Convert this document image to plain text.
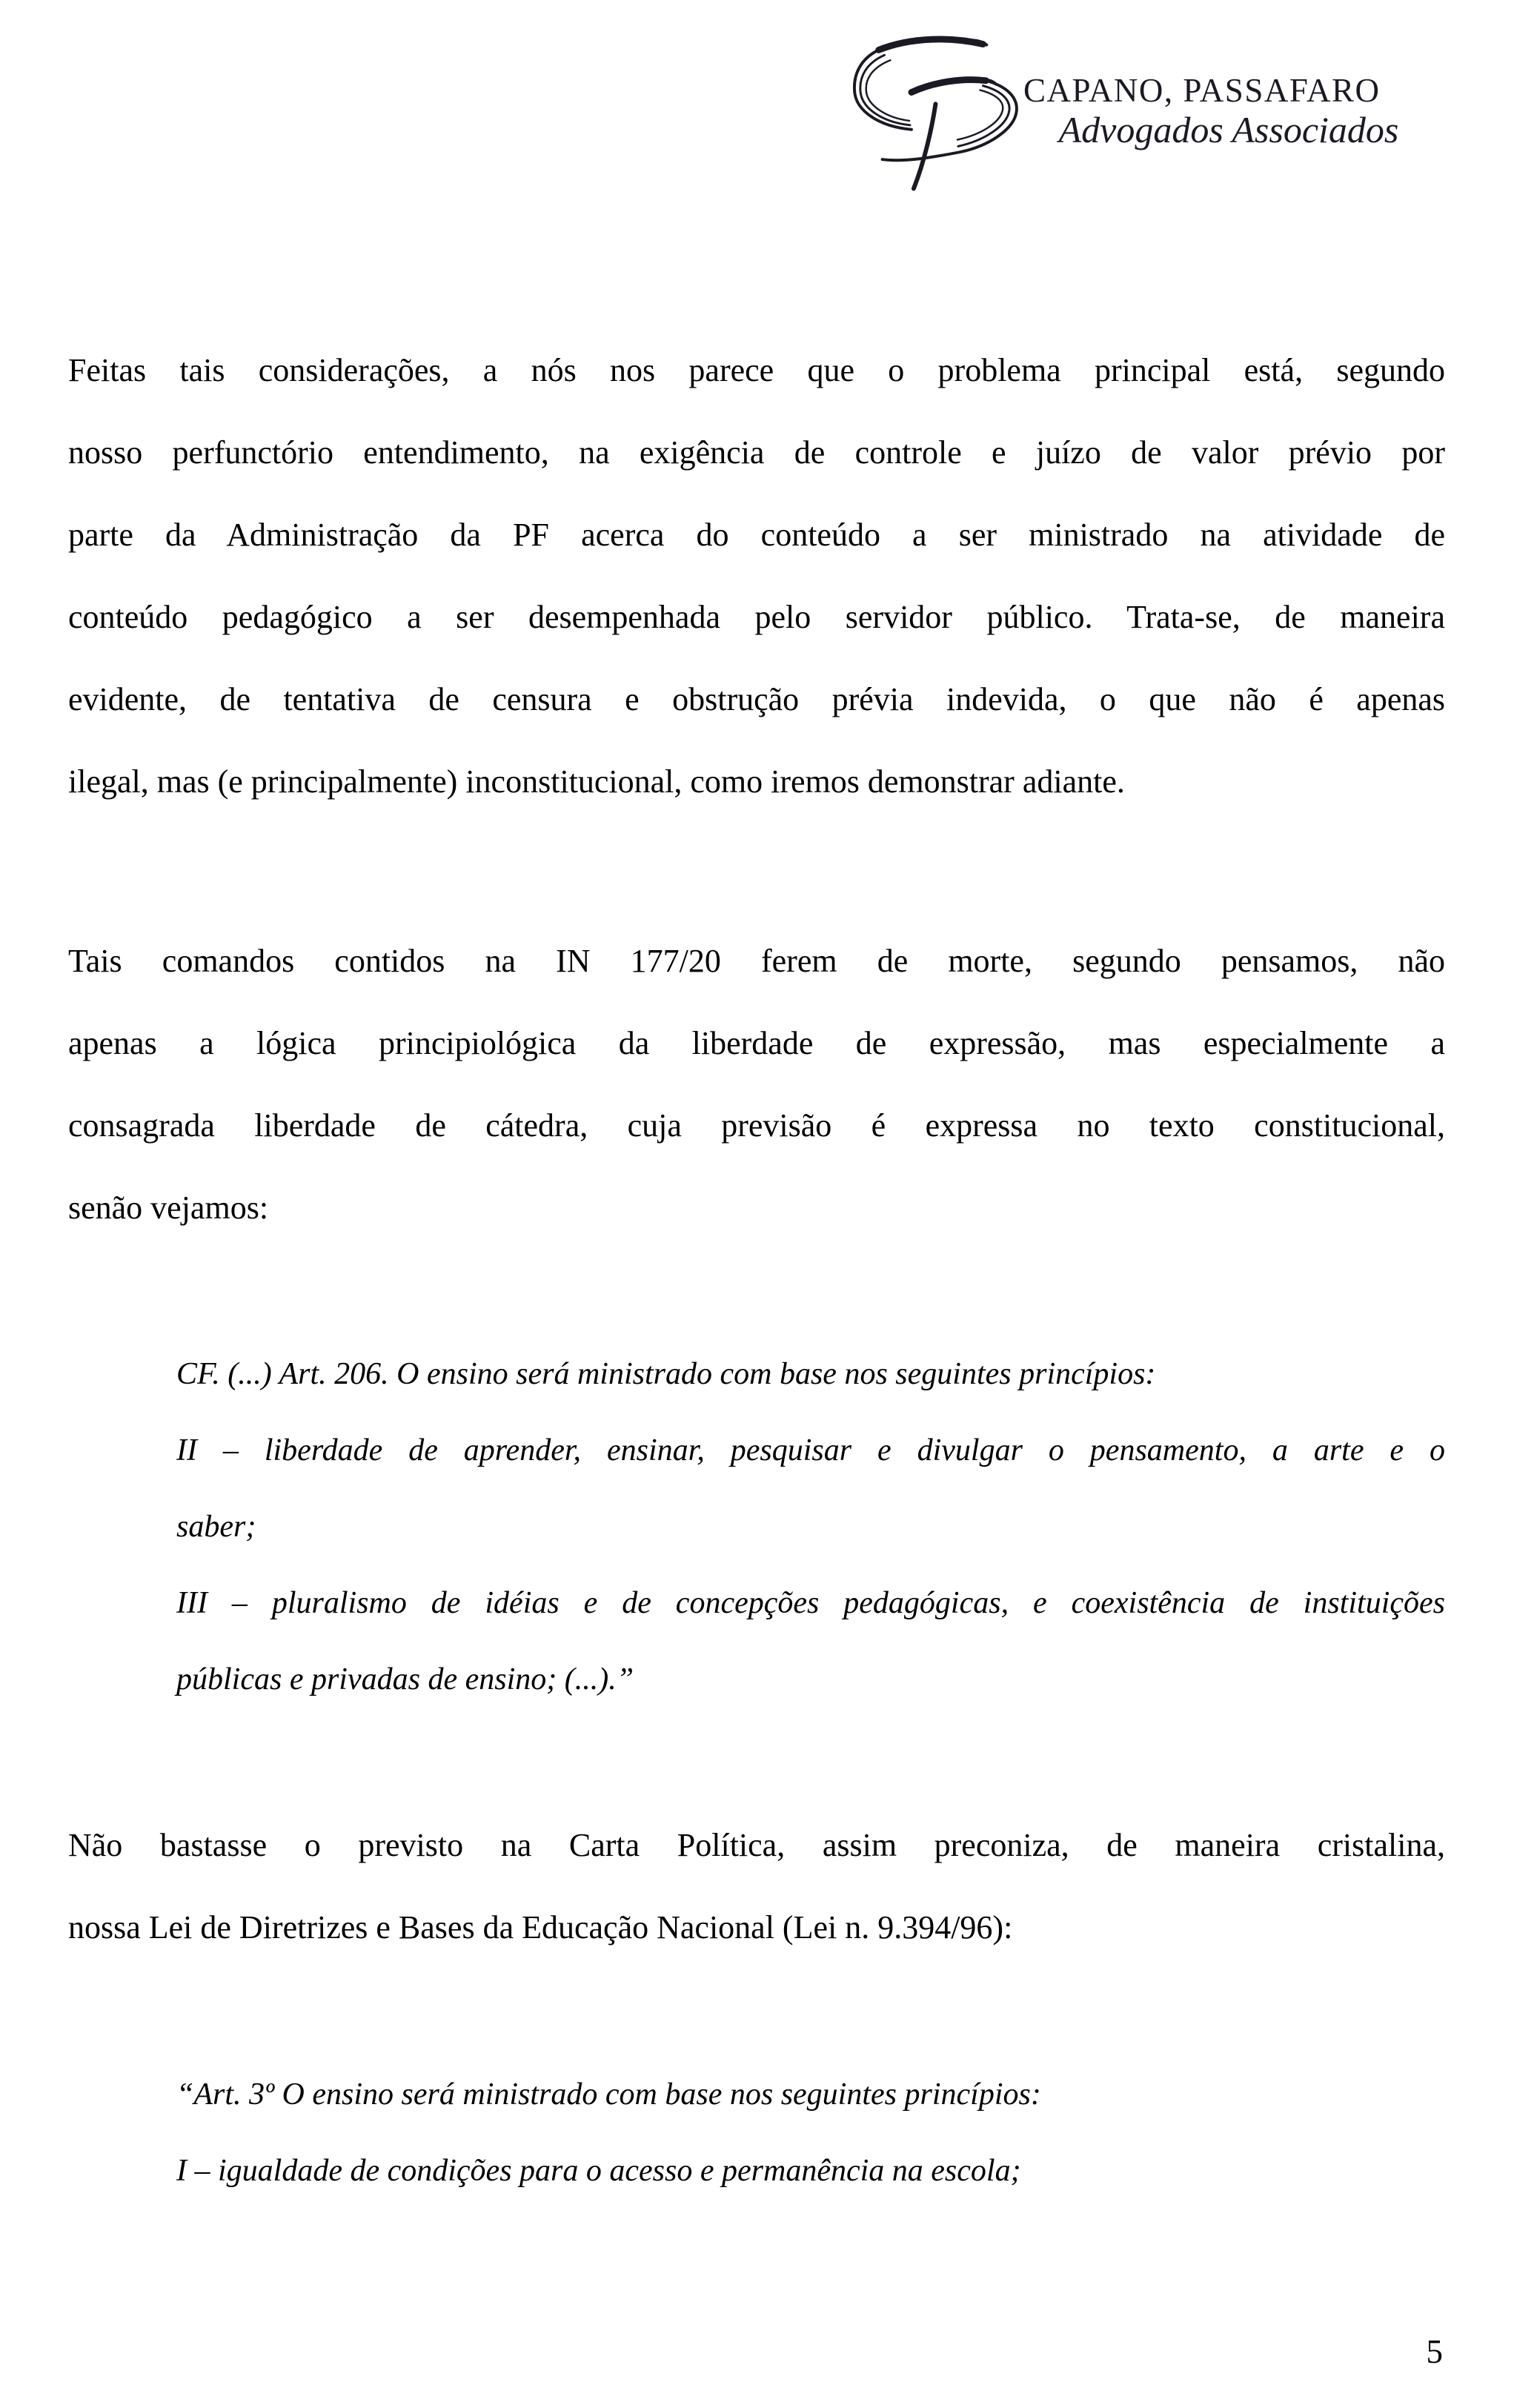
CAPANO, PASSAFARO
Advogados Associados
Feitas tais considerações, a nós nos parece que o problema principal está, segundo
nosso perfunctório entendimento, na exigência de controle e juízo de valor prévio por
parte da Administração da PF acerca do conteúdo a ser ministrado na atividade de
conteúdo pedagógico a ser desempenhada pelo servidor público. Trata-se, de maneira
evidente, de tentativa de censura e obstrução prévia indevida, o que não é apenas
ilegal, mas (e principalmente) inconstitucional, como iremos demonstrar adiante.
Tais comandos contidos na IN 177/20 ferem de morte, segundo pensamos, não
apenas a lógica principiológica da liberdade de expressão, mas especialmente a
consagrada liberdade de cátedra, cuja previsão é expressa no texto constitucional,
senão vejamos:
CF. (...) Art. 206. O ensino será ministrado com base nos seguintes princípios:
II – liberdade de aprender, ensinar, pesquisar e divulgar o pensamento, a arte e o
saber;
III – pluralismo de idéias e de concepções pedagógicas, e coexistência de instituições
públicas e privadas de ensino; (...).”
Não bastasse o previsto na Carta Política, assim preconiza, de maneira cristalina,
nossa Lei de Diretrizes e Bases da Educação Nacional (Lei n. 9.394/96):
“Art. 3º O ensino será ministrado com base nos seguintes princípios:
I – igualdade de condições para o acesso e permanência na escola;
5
